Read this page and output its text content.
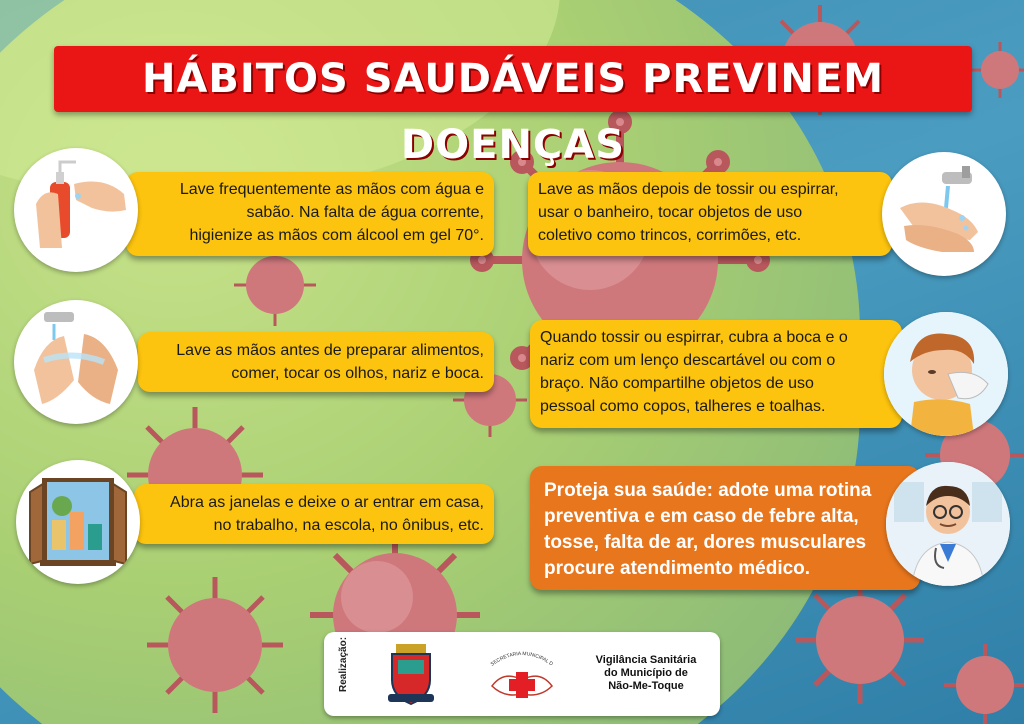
HÁBITOS SAUDÁVEIS PREVINEM DOENÇAS
Lave frequentemente as mãos com água e
sabão. Na falta de água corrente,
higienize as mãos com álcool em gel 70°.
Lave as mãos depois de tossir ou espirrar,
usar o banheiro, tocar objetos de uso
coletivo como trincos, corrimões, etc.
Lave as mãos antes de preparar alimentos,
comer, tocar os olhos, nariz e boca.
Quando tossir ou espirrar, cubra a boca e o
nariz com um lenço descartável ou com o
braço. Não compartilhe objetos de uso
pessoal como copos, talheres e toalhas.
Abra as janelas e deixe o ar entrar em casa,
no trabalho, na escola, no ônibus, etc.
Proteja sua saúde: adote uma rotina
preventiva e em caso de febre alta,
tosse, falta de ar, dores musculares
procure atendimento médico.
Realização:	SECRETARIA MUNICIPAL D	Vigilância Sanitária
do Município de
Não-Me-Toque
